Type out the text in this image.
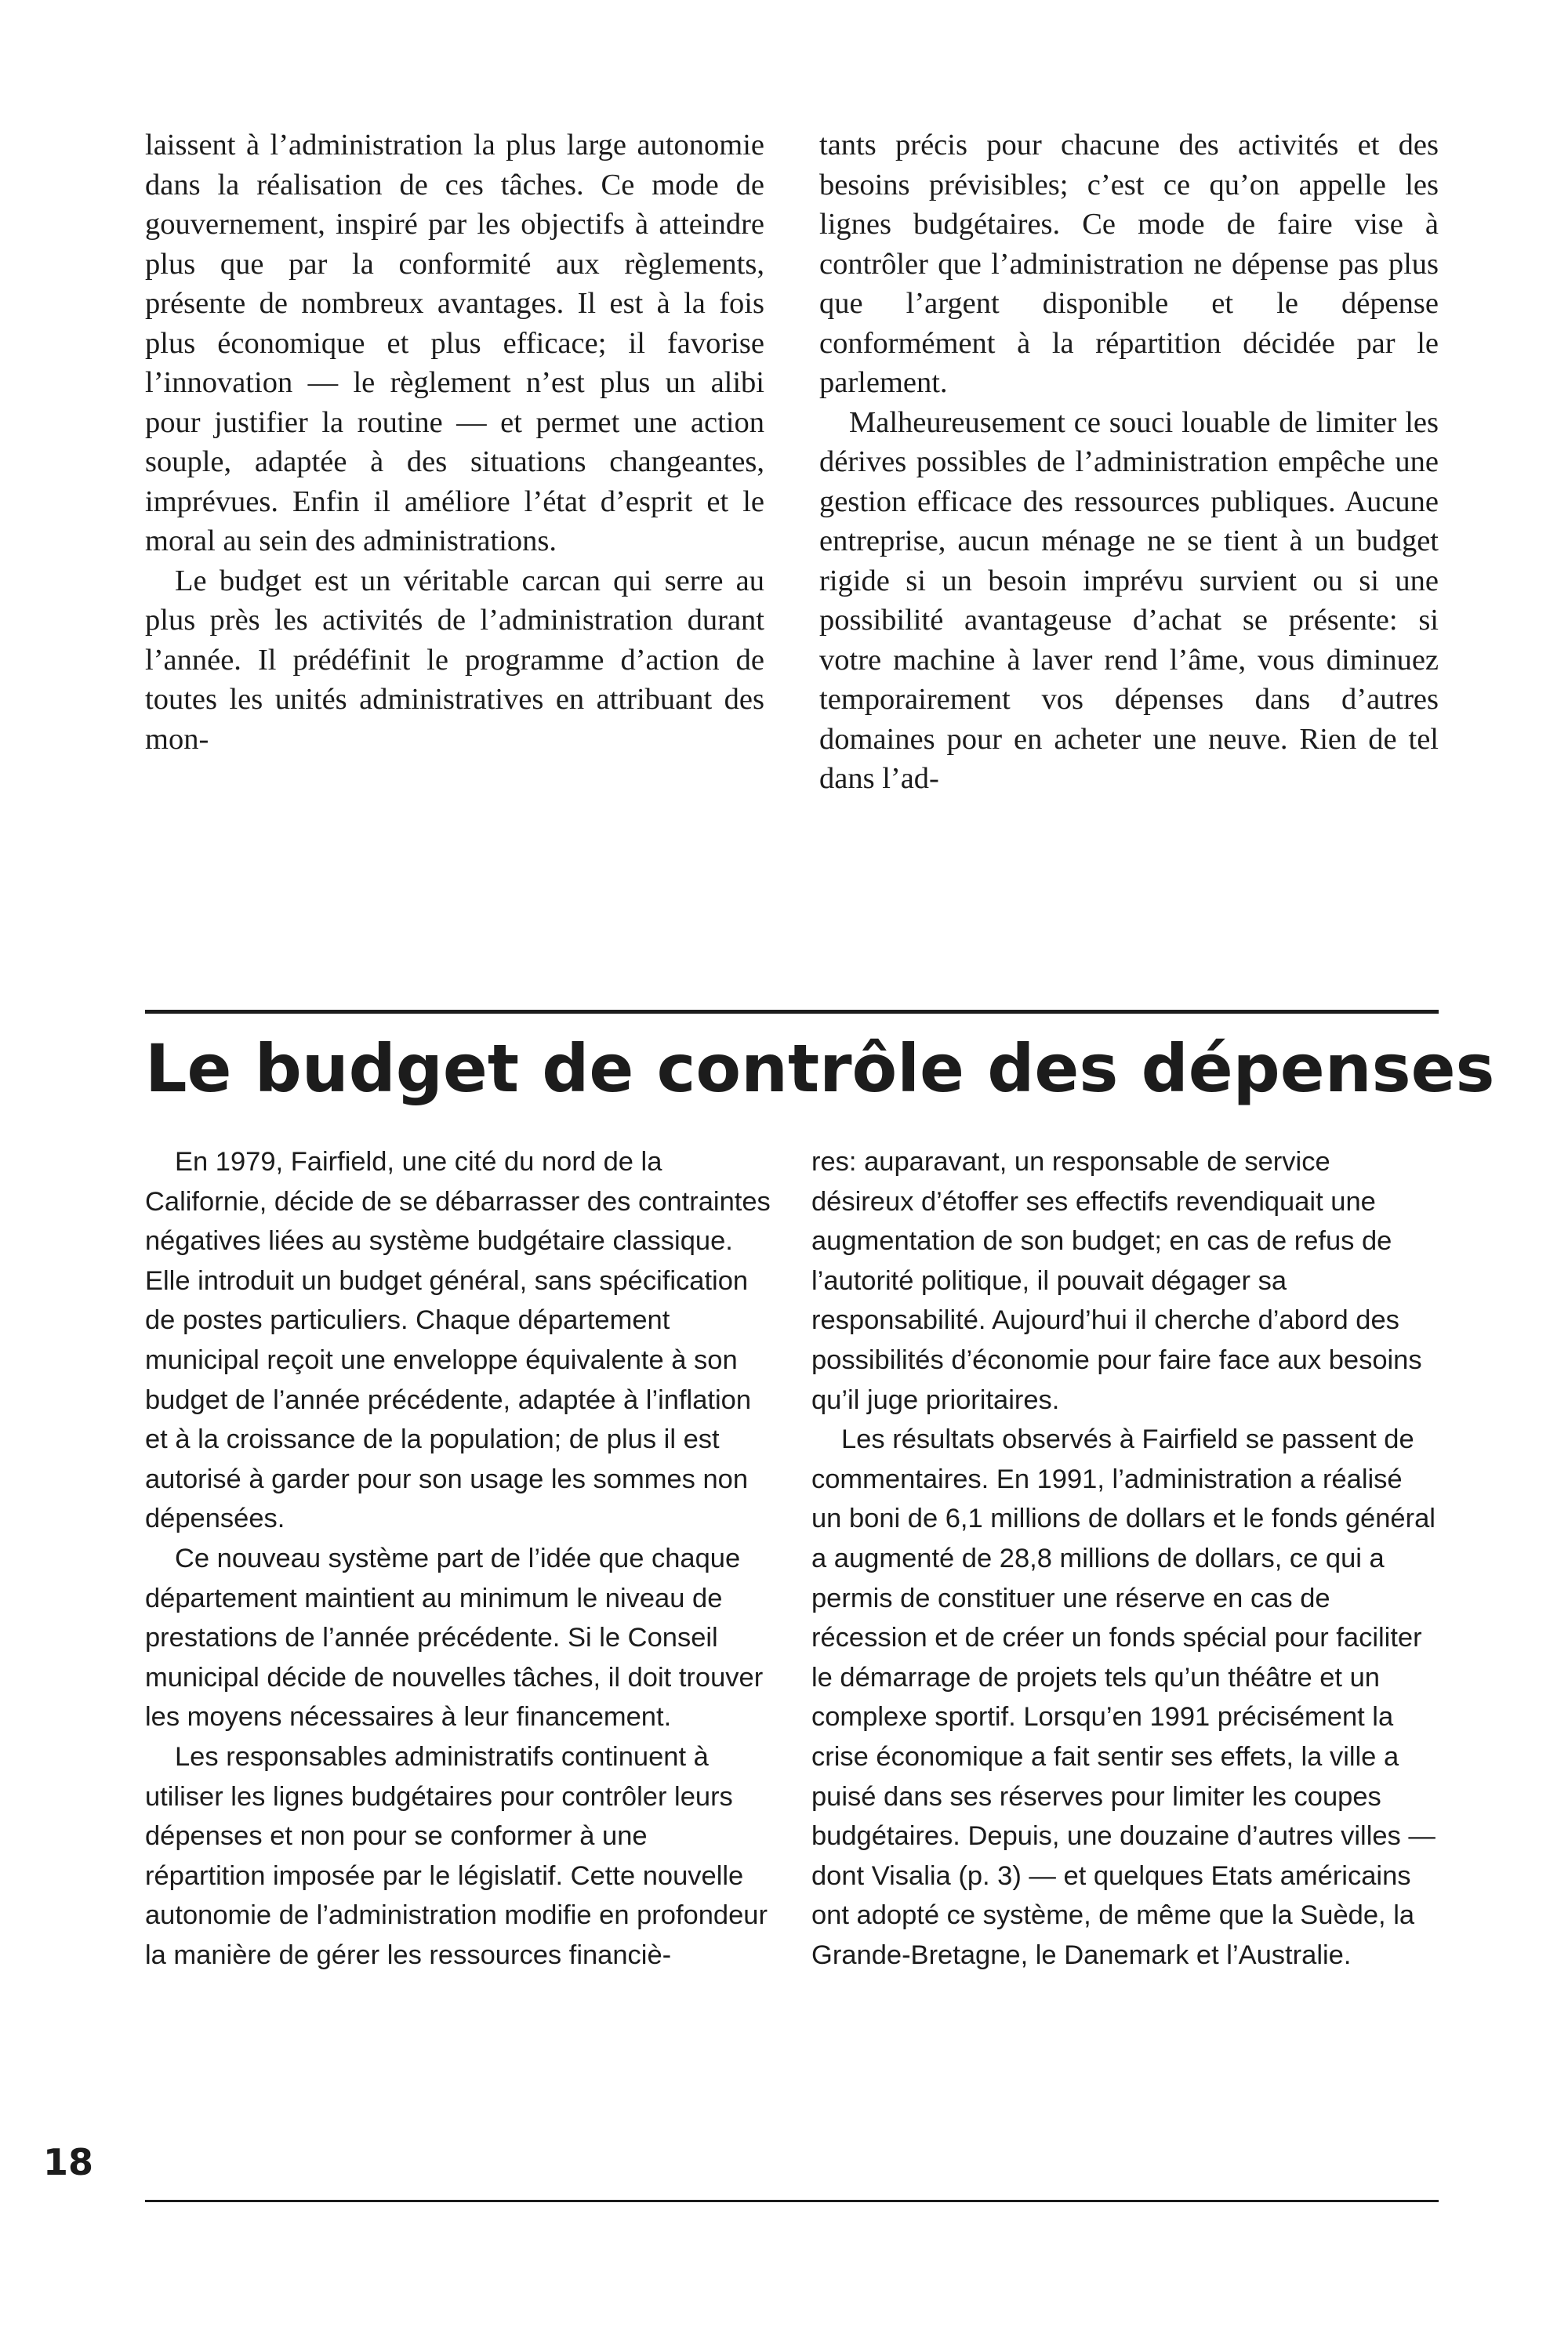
laissent à l’administration la plus large autonomie dans la réalisation de ces tâches. Ce mode de gouvernement, inspiré par les objectifs à atteindre plus que par la conformité aux règlements, présente de nombreux avantages. Il est à la fois plus économique et plus efficace; il favorise l’innovation — le règlement n’est plus un alibi pour justifier la routine — et permet une action souple, adaptée à des situations changeantes, imprévues. Enfin il améliore l’état d’esprit et le moral au sein des administrations.

Le budget est un véritable carcan qui serre au plus près les activités de l’administration durant l’année. Il prédéfinit le programme d’action de toutes les unités administratives en attribuant des mon-

tants précis pour chacune des activités et des besoins prévisibles; c’est ce qu’on appelle les lignes budgétaires. Ce mode de faire vise à contrôler que l’administration ne dépense pas plus que l’argent disponible et le dépense conformément à la répartition décidée par le parlement.

Malheureusement ce souci louable de limiter les dérives possibles de l’administration empêche une gestion efficace des ressources publiques. Aucune entreprise, aucun ménage ne se tient à un budget rigide si un besoin imprévu survient ou si une possibilité avantageuse d’achat se présente: si votre machine à laver rend l’âme, vous diminuez temporairement vos dépenses dans d’autres domaines pour en acheter une neuve. Rien de tel dans l’ad-

Le budget de contrôle des dépenses

En 1979, Fairfield, une cité du nord de la Californie, décide de se débarrasser des contraintes négatives liées au système budgétaire classique. Elle introduit un budget général, sans spécification de postes particuliers. Chaque département municipal reçoit une enveloppe équivalente à son budget de l’année précédente, adaptée à l’inflation et à la croissance de la population; de plus il est autorisé à garder pour son usage les sommes non dépensées.

Ce nouveau système part de l’idée que chaque département maintient au minimum le niveau de prestations de l’année précédente. Si le Conseil municipal décide de nouvelles tâches, il doit trouver les moyens nécessaires à leur financement.

Les responsables administratifs continuent à utiliser les lignes budgétaires pour contrôler leurs dépenses et non pour se conformer à une répartition imposée par le législatif. Cette nouvelle autonomie de l’administration modifie en profondeur la manière de gérer les ressources financiè-

res: auparavant, un responsable de service désireux d’étoffer ses effectifs revendiquait une augmentation de son budget; en cas de refus de l’autorité politique, il pouvait dégager sa responsabilité. Aujourd’hui il cherche d’abord des possibilités d’économie pour faire face aux besoins qu’il juge prioritaires.

Les résultats observés à Fairfield se passent de commentaires. En 1991, l’administration a réalisé un boni de 6,1 millions de dollars et le fonds général a augmenté de 28,8 millions de dollars, ce qui a permis de constituer une réserve en cas de récession et de créer un fonds spécial pour faciliter le démarrage de projets tels qu’un théâtre et un complexe sportif. Lorsqu’en 1991 précisément la crise économique a fait sentir ses effets, la ville a puisé dans ses réserves pour limiter les coupes budgétaires. Depuis, une douzaine d’autres villes — dont Visalia (p. 3) — et quelques Etats américains ont adopté ce système, de même que la Suède, la Grande-Bretagne, le Danemark et l’Australie.

18
